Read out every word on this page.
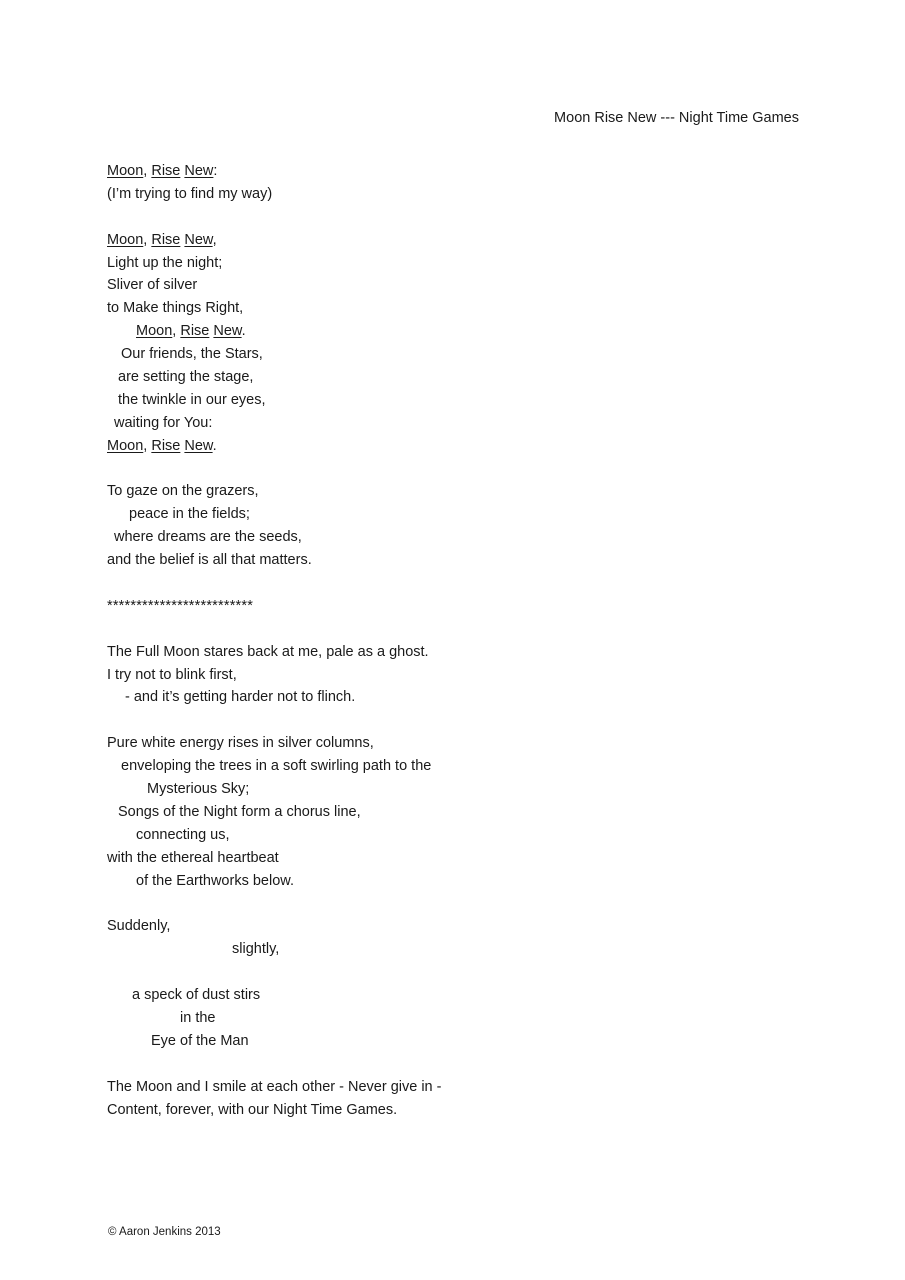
Moon Rise New --- Night Time Games
Moon, Rise New:
(I’m trying to find my way)
Moon, Rise New,
Light up the night;
Sliver of silver
to Make things Right,
Moon, Rise New.
Our friends, the Stars,
are setting the stage,
the twinkle in our eyes,
waiting for You:
Moon, Rise New.
To gaze on the grazers,
peace in the fields;
where dreams are the seeds,
and the belief is all that matters.
*************************
The Full Moon stares back at me, pale as a ghost.
I try not to blink first,
- and it’s getting harder not to flinch.
Pure white energy rises in silver columns,
enveloping the trees in a soft swirling path to the
Mysterious Sky;
Songs of the Night form a chorus line,
connecting us,
with the ethereal heartbeat
of the Earthworks below.
Suddenly,
slightly,
a speck of dust stirs
in the
Eye of the Man
The Moon and I smile at each other - Never give in -
Content, forever, with our Night Time Games.
© Aaron Jenkins 2013
